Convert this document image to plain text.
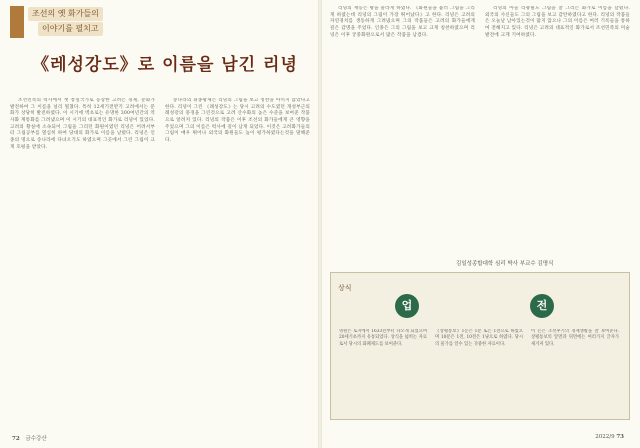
조선의 옛 화가들의
이야기를 펼치고
《레성강도》로 이름을 남긴 리녕

조선민족의 력사에서 첫 통일국가로 등장한 고려는 경제, 문화가 발전하여 그 이름을 널리 떨쳤다. 특히 12세기전반기 고려에서는 문화가 상당히 발전하였다. 이 시기에 벽초로는 유명한 300여년간의 역사화 계통화를 그려냈으며 이 시기의 대표적인 화가로 리녕이 있었다. 고려의 황실에 소속되어 그림을 그리던 화원이였던 리녕은 어려서부터 그림공부를 열심히 하여 당대의 화가로 이름을 날렸다. 리녕은 인종의 명으로 송나라에 다녀오기도 하였으며 그곳에서 그린 그림이 크게 호평을 받았다.

송나라의 휘종황제는 리녕의 그림을 보고 칭찬을 아끼지 않았다고 한다. 리녕이 그린 《례성강도》는 당시 고려의 수도였던 개성부근의 례성강의 풍경을 그린것으로 고려 산수화의 높은 수준을 보여준 작품으로 알려져 있다. 리녕의 작품은 이후 조선의 화가들에게 큰 영향을 주었으며 그의 이름은 력사에 길이 남게 되었다. 이것은 고려화가들의 그림이 매우 뛰어나 외국의 화원들도 높이 평가하였다는것을 말해준다.

리녕의 재능은 왕을 놀라게 하였다. 《화원들을 불러 그림을 그리게 하였는데 리녕의 그림이 가장 뛰어났다》고 한다. 리녕은 고려의 자연경치를 생동하게 그려냈으며 그의 작품들은 고려의 화가들에게 깊은 감명을 주었다. 인종은 그의 그림을 보고 크게 칭찬하였으며 리녕은 이후 궁중화원으로서 많은 작품을 남겼다.

리녕의 아들 리광필도 그림을 잘 그리는 화가로 이름을 날렸다. 외국의 사신들도 그의 그림을 보고 감탄하였다고 한다. 리녕의 작품들은 오늘날 남아있는것이 많지 않으나 그의 이름은 여러 기록들을 통하여 전해지고 있다. 리녕은 고려의 대표적인 화가로서 조선민족의 미술발전에 크게 기여하였다.

김일성종합대학 심리 박사 부교수 김명식
영원은 토지에서 1633년부터 나오게 되었으며 20세기초까지 유통되었다. 상식을 넓히는 자료로서 당시의 화폐제도를 보여준다.
《상평통보》1문은 1푼 또는 1전으로 하였으며 10푼은 1전, 10전은 1냥으로 하였다. 당시의 물가를 알수 있는 귀중한 자료이다.
이 돈은 조선후기의 경제생활을 잘 보여준다. 상평통보의 앞면과 뒤면에는 여러가지 글자가 새겨져 있다.
상식
업	전
72 금수강산	2022/9 73
